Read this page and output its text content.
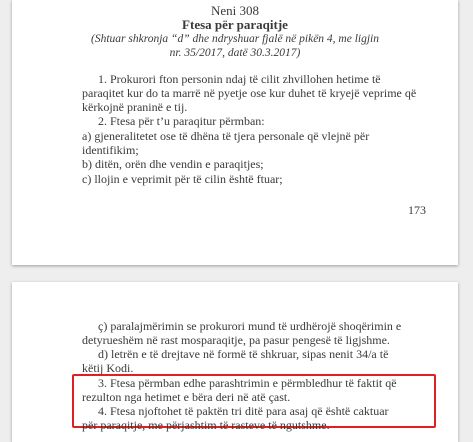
Neni 308

Ftesa për paraqitje

(Shtuar shkronja “d” dhe ndryshuar fjalë në pikën 4, me ligjin

nr. 35/2017, datë 30.3.2017)

1. Prokurori fton personin ndaj të cilit zhvillohen hetime të

paraqitet kur do ta marrë në pyetje ose kur duhet të kryejë veprime që

kërkojnë praninë e tij.

2. Ftesa për t’u paraqitur përmban:

a) gjeneralitetet ose të dhëna të tjera personale që vlejnë për

identifikim;

b) ditën, orën dhe vendin e paraqitjes;

c) llojin e veprimit për të cilin është ftuar;

173

ç) paralajmërimin se prokurori mund të urdhërojë shoqërimin e

detyrueshëm në rast mosparaqitje, pa pasur pengesë të ligjshme.

d) letrën e të drejtave në formë të shkruar, sipas nenit 34/a të

këtij Kodi.

3. Ftesa përmban edhe parashtrimin e përmbledhur të faktit që

rezulton nga hetimet e bëra deri në atë çast.

4. Ftesa njoftohet të paktën tri ditë para asaj që është caktuar

për paraqitje, me përjashtim të rasteve të ngutshme.
